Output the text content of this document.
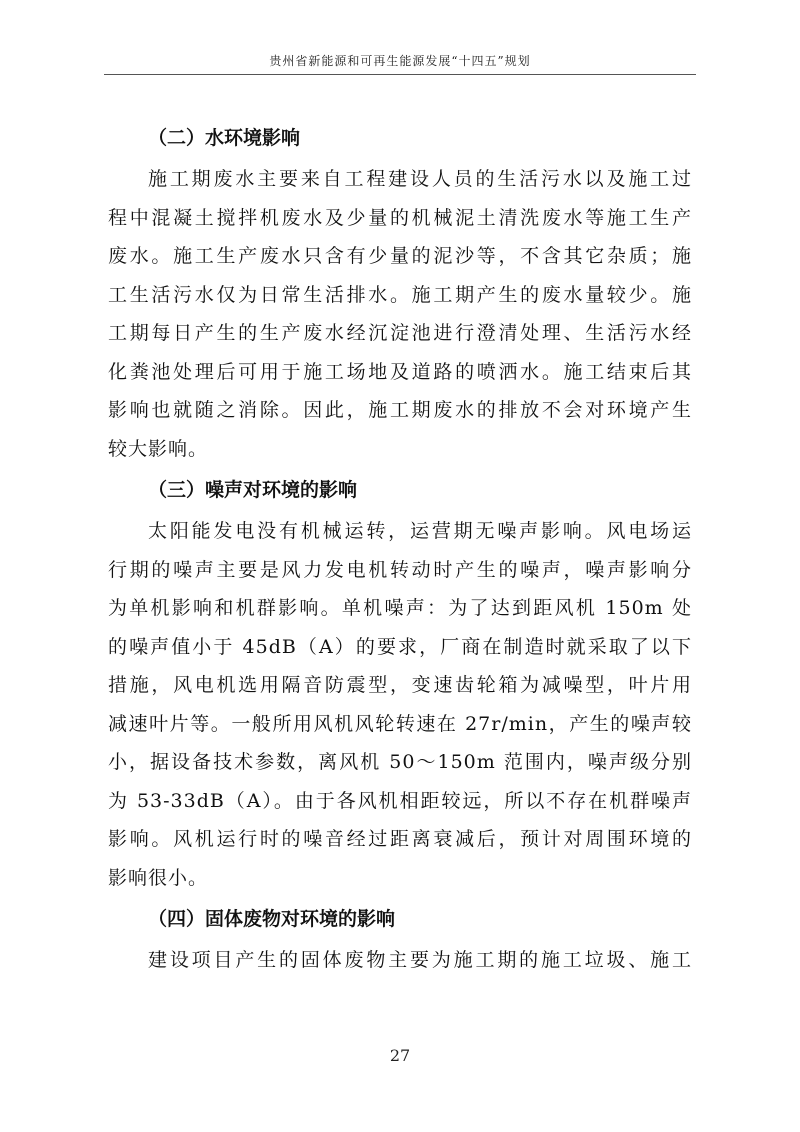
贵州省新能源和可再生能源发展“十四五”规划
（二）水环境影响
施工期废水主要来自工程建设人员的生活污水以及施工过
程中混凝土搅拌机废水及少量的机械泥土清洗废水等施工生产
废水。施工生产废水只含有少量的泥沙等，不含其它杂质；施
工生活污水仅为日常生活排水。施工期产生的废水量较少。施
工期每日产生的生产废水经沉淀池进行澄清处理、生活污水经
化粪池处理后可用于施工场地及道路的喷洒水。施工结束后其
影响也就随之消除。因此，施工期废水的排放不会对环境产生
较大影响。
（三）噪声对环境的影响
太阳能发电没有机械运转，运营期无噪声影响。风电场运
行期的噪声主要是风力发电机转动时产生的噪声，噪声影响分
为单机影响和机群影响。单机噪声：为了达到距风机 150m 处
的噪声值小于 45dB（A）的要求，厂商在制造时就采取了以下
措施，风电机选用隔音防震型，变速齿轮箱为减噪型，叶片用
减速叶片等。一般所用风机风轮转速在 27r/min，产生的噪声较
小，据设备技术参数，离风机 50～150m 范围内，噪声级分别
为 53-33dB（A）。由于各风机相距较远，所以不存在机群噪声
影响。风机运行时的噪音经过距离衰减后，预计对周围环境的
影响很小。
（四）固体废物对环境的影响
建设项目产生的固体废物主要为施工期的施工垃圾、施工
27
